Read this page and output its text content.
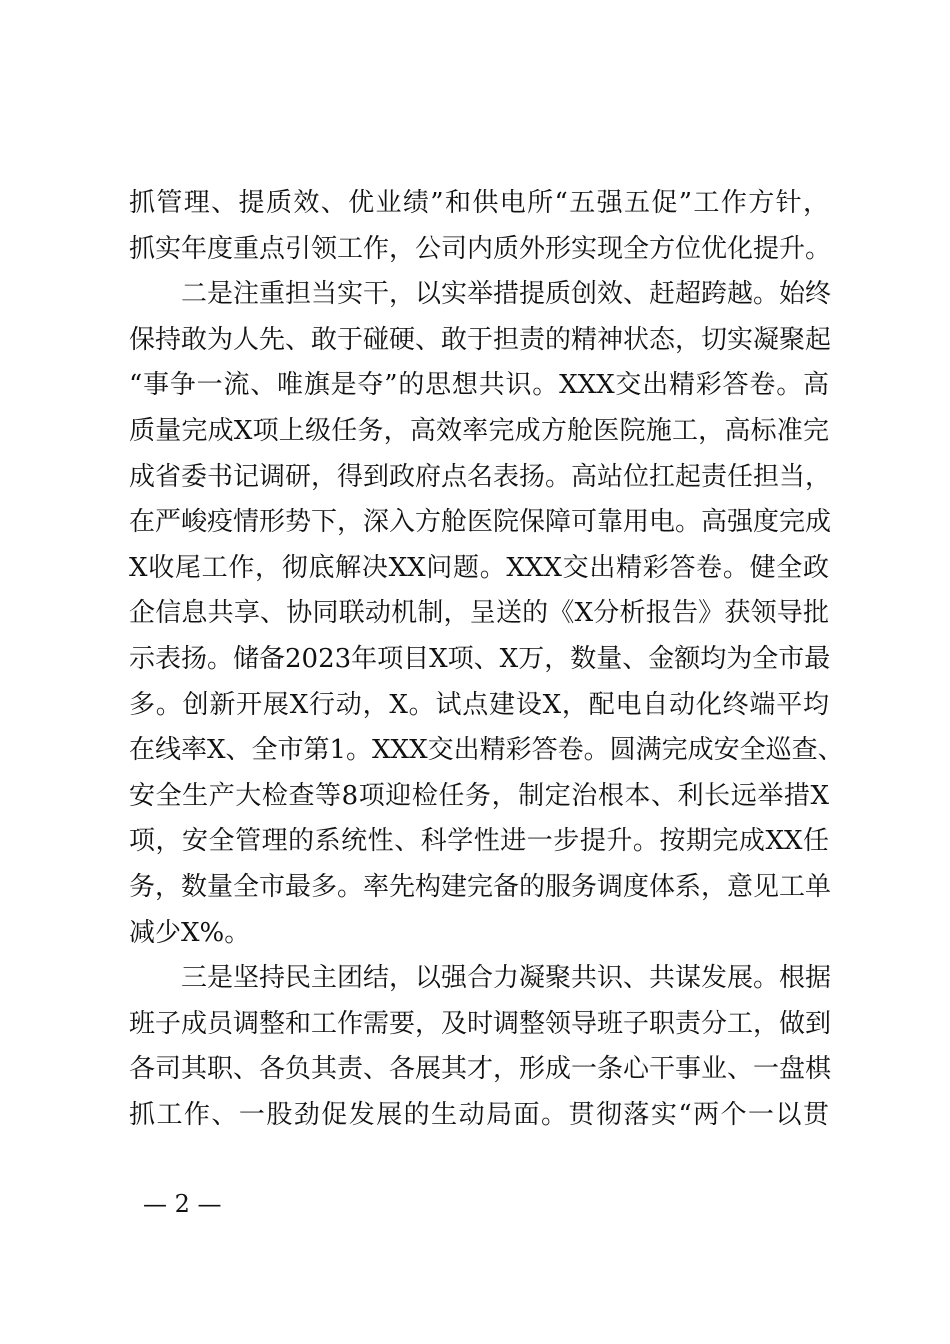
抓管理、提质效、优业绩”和供电所“五强五促”工作方针，
抓实年度重点引领工作，公司内质外形实现全方位优化提升。
二是注重担当实干，以实举措提质创效、赶超跨越。始终
保持敢为人先、敢于碰硬、敢于担责的精神状态，切实凝聚起
“事争一流、唯旗是夺”的思想共识。XXX交出精彩答卷。高
质量完成X项上级任务，高效率完成方舱医院施工，高标准完
成省委书记调研，得到政府点名表扬。高站位扛起责任担当，
在严峻疫情形势下，深入方舱医院保障可靠用电。高强度完成
X收尾工作，彻底解决XX问题。XXX交出精彩答卷。健全政
企信息共享、协同联动机制，呈送的《X分析报告》获领导批
示表扬。储备2023年项目X项、X万，数量、金额均为全市最
多。创新开展X行动，X。试点建设X，配电自动化终端平均
在线率X、全市第1。XXX交出精彩答卷。圆满完成安全巡查、
安全生产大检查等8项迎检任务，制定治根本、利长远举措X
项，安全管理的系统性、科学性进一步提升。按期完成XX任
务，数量全市最多。率先构建完备的服务调度体系，意见工单
减少X%。
三是坚持民主团结，以强合力凝聚共识、共谋发展。根据
班子成员调整和工作需要，及时调整领导班子职责分工，做到
各司其职、各负其责、各展其才，形成一条心干事业、一盘棋
抓工作、一股劲促发展的生动局面。贯彻落实“两个一以贯
— 2 —
